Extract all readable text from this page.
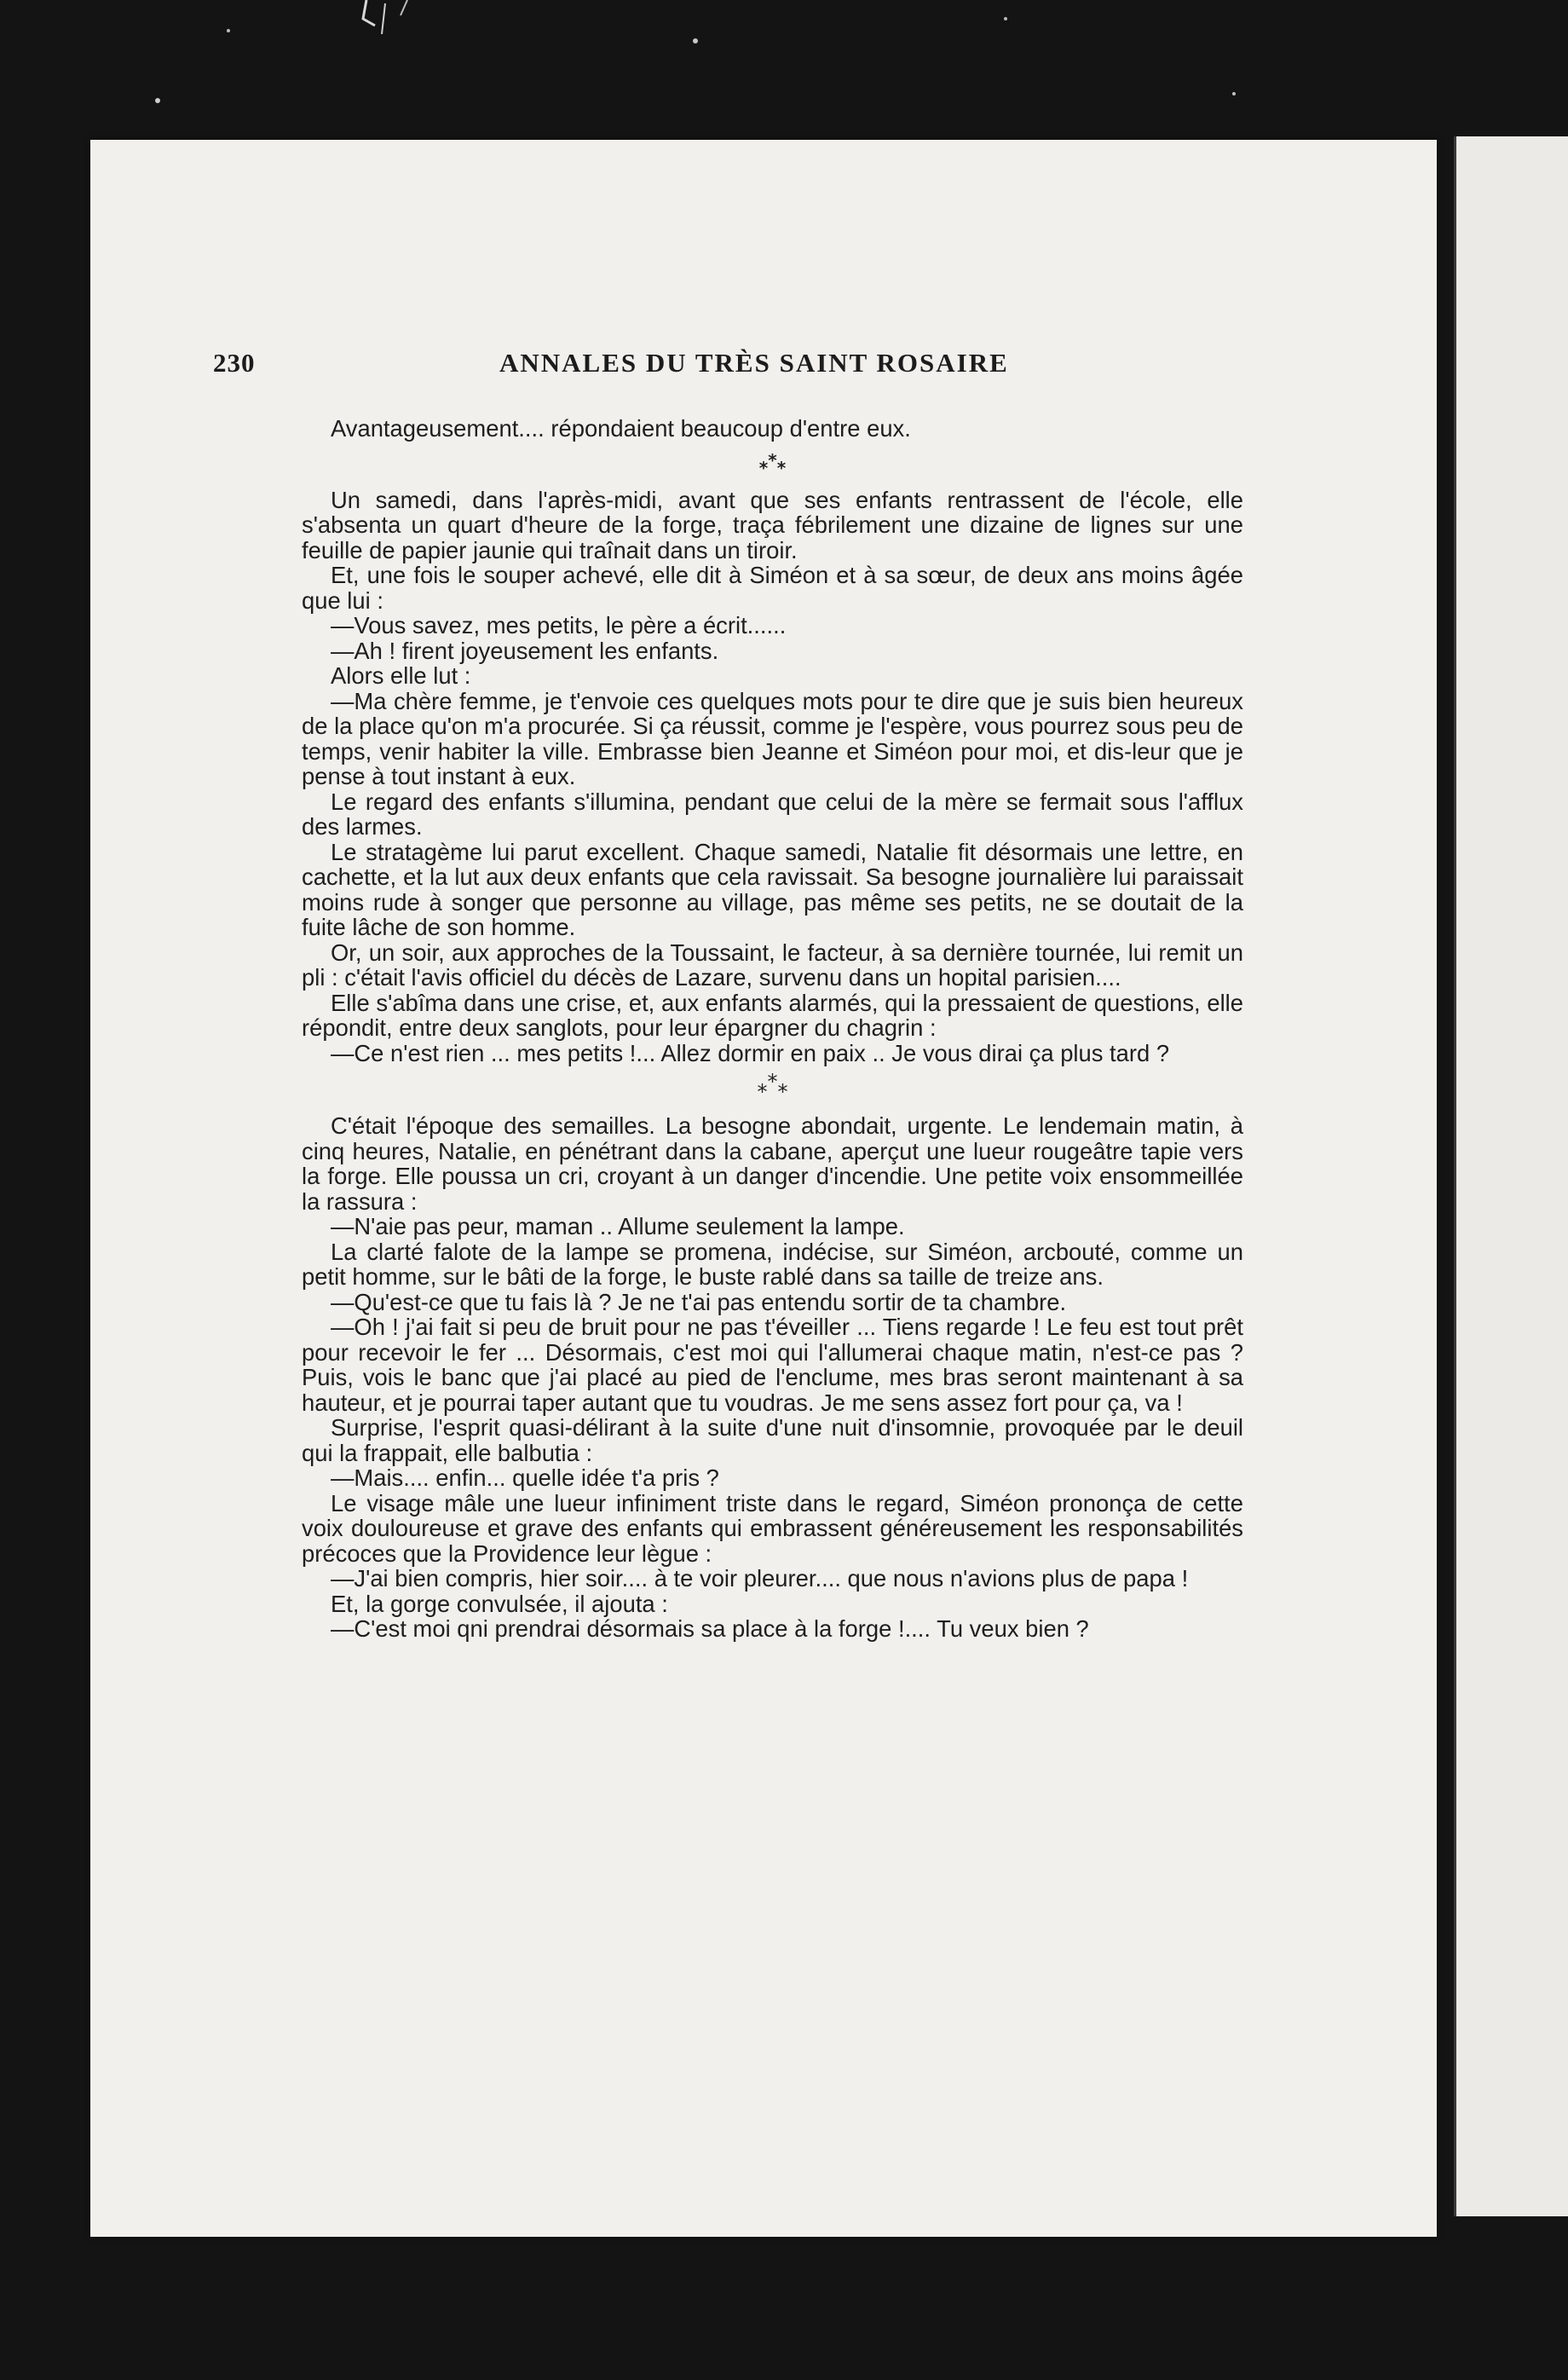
230	ANNALES DU TRÈS SAINT ROSAIRE

Avantageusement.... répondaient beaucoup d'entre eux.

***

Un samedi, dans l'après-midi, avant que ses enfants rentrassent de l'école, elle s'absenta un quart d'heure de la forge, traça fébrilement une dizaine de lignes sur une feuille de papier jaunie qui traînait dans un tiroir.

Et, une fois le souper achevé, elle dit à Siméon et à sa sœur, de deux ans moins âgée que lui :

—Vous savez, mes petits, le père a écrit......

—Ah ! firent joyeusement les enfants.

Alors elle lut :

—Ma chère femme, je t'envoie ces quelques mots pour te dire que je suis bien heureux de la place qu'on m'a procurée. Si ça réussit, comme je l'espère, vous pourrez sous peu de temps, venir habiter la ville. Embrasse bien Jeanne et Siméon pour moi, et dis-leur que je pense à tout instant à eux.

Le regard des enfants s'illumina, pendant que celui de la mère se fermait sous l'afflux des larmes.

Le stratagème lui parut excellent. Chaque samedi, Natalie fit désormais une lettre, en cachette, et la lut aux deux enfants que cela ravissait. Sa besogne journalière lui paraissait moins rude à songer que personne au village, pas même ses petits, ne se doutait de la fuite lâche de son homme.

Or, un soir, aux approches de la Toussaint, le facteur, à sa dernière tournée, lui remit un pli : c'était l'avis officiel du décès de Lazare, survenu dans un hopital parisien....

Elle s'abîma dans une crise, et, aux enfants alarmés, qui la pressaient de questions, elle répondit, entre deux sanglots, pour leur épargner du chagrin :

—Ce n'est rien ... mes petits !... Allez dormir en paix .. Je vous dirai ça plus tard ?

***

C'était l'époque des semailles. La besogne abondait, urgente. Le lendemain matin, à cinq heures, Natalie, en pénétrant dans la cabane, aperçut une lueur rougeâtre tapie vers la forge. Elle poussa un cri, croyant à un danger d'incendie. Une petite voix ensommeillée la rassura :

—N'aie pas peur, maman .. Allume seulement la lampe.

La clarté falote de la lampe se promena, indécise, sur Siméon, arcbouté, comme un petit homme, sur le bâti de la forge, le buste rablé dans sa taille de treize ans.

—Qu'est-ce que tu fais là ? Je ne t'ai pas entendu sortir de ta chambre.

—Oh ! j'ai fait si peu de bruit pour ne pas t'éveiller ... Tiens regarde ! Le feu est tout prêt pour recevoir le fer ... Désormais, c'est moi qui l'allumerai chaque matin, n'est-ce pas ? Puis, vois le banc que j'ai placé au pied de l'enclume, mes bras seront maintenant à sa hauteur, et je pourrai taper autant que tu voudras. Je me sens assez fort pour ça, va !

Surprise, l'esprit quasi-délirant à la suite d'une nuit d'insomnie, provoquée par le deuil qui la frappait, elle balbutia :

—Mais.... enfin... quelle idée t'a pris ?

Le visage mâle une lueur infiniment triste dans le regard, Siméon prononça de cette voix douloureuse et grave des enfants qui embrassent généreusement les responsabilités précoces que la Providence leur lègue :

—J'ai bien compris, hier soir.... à te voir pleurer.... que nous n'avions plus de papa !

Et, la gorge convulsée, il ajouta :

—C'est moi qni prendrai désormais sa place à la forge !.... Tu veux bien ?
